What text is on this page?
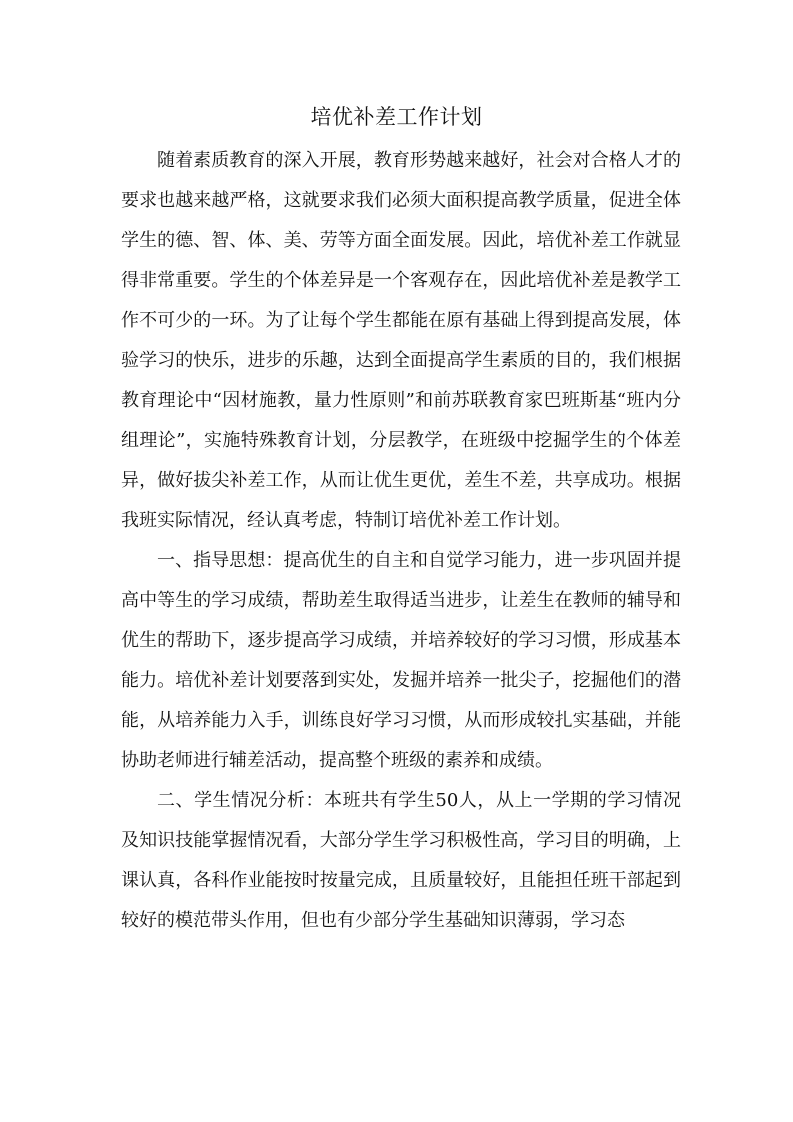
培优补差工作计划

随着素质教育的深入开展，教育形势越来越好，社会对合格人才的要求也越来越严格，这就要求我们必须大面积提高教学质量，促进全体学生的德、智、体、美、劳等方面全面发展。因此，培优补差工作就显得非常重要。学生的个体差异是一个客观存在，因此培优补差是教学工作不可少的一环。为了让每个学生都能在原有基础上得到提高发展，体验学习的快乐，进步的乐趣，达到全面提高学生素质的目的，我们根据教育理论中“因材施教，量力性原则”和前苏联教育家巴班斯基“班内分组理论”，实施特殊教育计划，分层教学，在班级中挖掘学生的个体差异，做好拔尖补差工作，从而让优生更优，差生不差，共享成功。根据我班实际情况，经认真考虑，特制订培优补差工作计划。

一、指导思想：提高优生的自主和自觉学习能力，进一步巩固并提高中等生的学习成绩，帮助差生取得适当进步，让差生在教师的辅导和优生的帮助下，逐步提高学习成绩，并培养较好的学习习惯，形成基本能力。培优补差计划要落到实处，发掘并培养一批尖子，挖掘他们的潜能，从培养能力入手，训练良好学习习惯，从而形成较扎实基础，并能协助老师进行辅差活动，提高整个班级的素养和成绩。

二、学生情况分析：本班共有学生50人，从上一学期的学习情况及知识技能掌握情况看，大部分学生学习积极性高，学习目的明确，上课认真，各科作业能按时按量完成，且质量较好，且能担任班干部起到较好的模范带头作用，但也有少部分学生基础知识薄弱，学习态
